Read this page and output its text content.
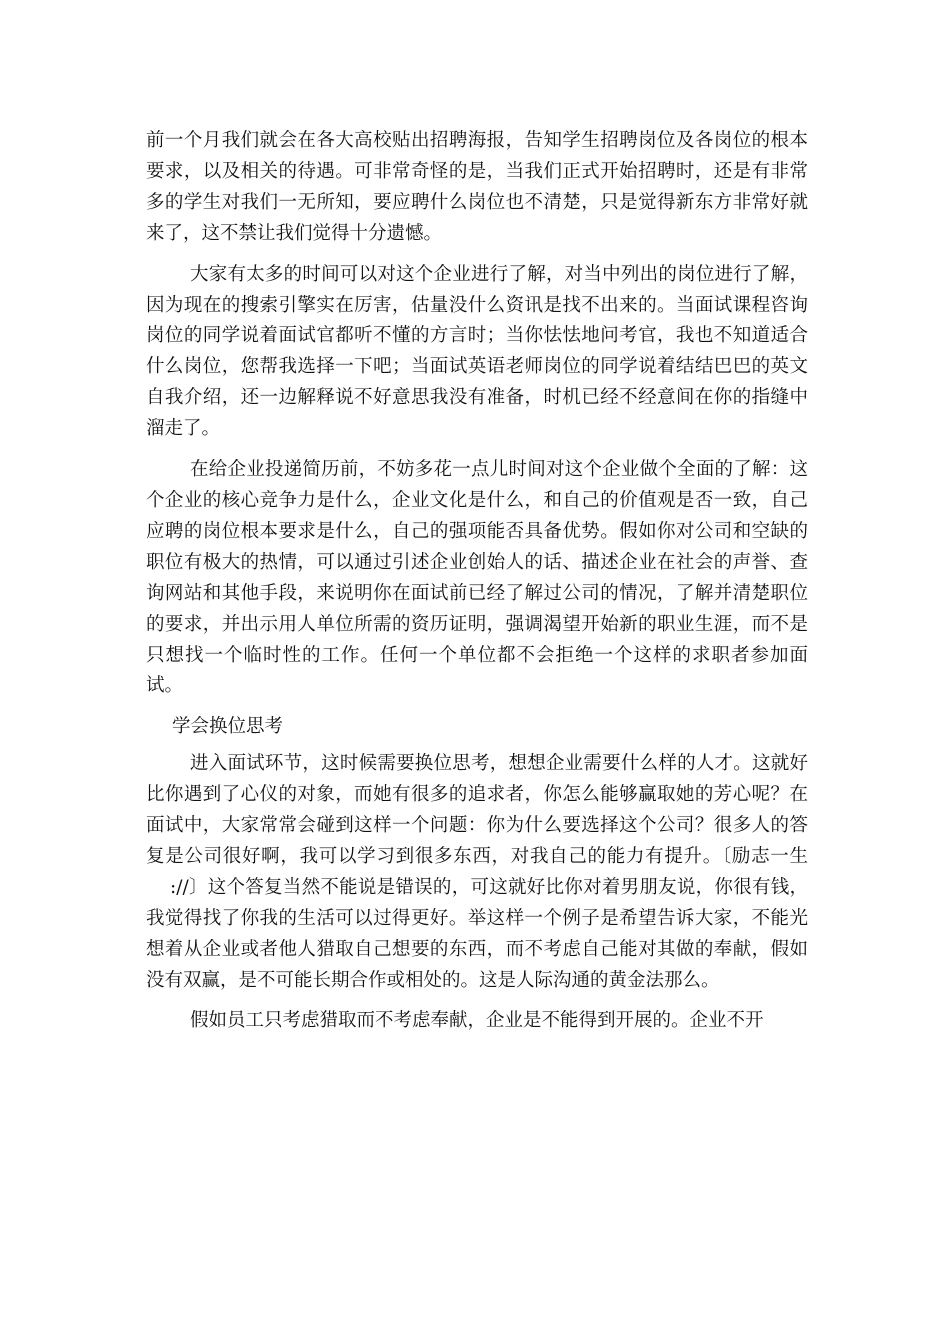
前一个月我们就会在各大高校贴出招聘海报，告知学生招聘岗位及各岗位的根本要求，以及相关的待遇。可非常奇怪的是，当我们正式开始招聘时，还是有非常多的学生对我们一无所知，要应聘什么岗位也不清楚，只是觉得新东方非常好就来了，这不禁让我们觉得十分遗憾。

大家有太多的时间可以对这个企业进行了解，对当中列出的岗位进行了解，因为现在的搜索引擎实在厉害，估量没什么资讯是找不出来的。当面试课程咨询岗位的同学说着面试官都听不懂的方言时；当你怯怯地问考官，我也不知道适合什么岗位，您帮我选择一下吧；当面试英语老师岗位的同学说着结结巴巴的英文自我介绍，还一边解释说不好意思我没有准备，时机已经不经意间在你的指缝中溜走了。

在给企业投递简历前，不妨多花一点儿时间对这个企业做个全面的了解：这个企业的核心竞争力是什么，企业文化是什么，和自己的价值观是否一致，自己应聘的岗位根本要求是什么，自己的强项能否具备优势。假如你对公司和空缺的职位有极大的热情，可以通过引述企业创始人的话、描述企业在社会的声誉、查询网站和其他手段，来说明你在面试前已经了解过公司的情况，了解并清楚职位的要求，并出示用人单位所需的资历证明，强调渴望开始新的职业生涯，而不是只想找一个临时性的工作。任何一个单位都不会拒绝一个这样的求职者参加面试。

学会换位思考

进入面试环节，这时候需要换位思考，想想企业需要什么样的人才。这就好比你遇到了心仪的对象，而她有很多的追求者，你怎么能够赢取她的芳心呢？在面试中，大家常常会碰到这样一个问题：你为什么要选择这个公司？很多人的答复是公司很好啊，我可以学习到很多东西，对我自己的能力有提升。〔励志一生://〕这个答复当然不能说是错误的，可这就好比你对着男朋友说，你很有钱，我觉得找了你我的生活可以过得更好。举这样一个例子是希望告诉大家，不能光想着从企业或者他人猎取自己想要的东西，而不考虑自己能对其做的奉献，假如没有双赢，是不可能长期合作或相处的。这是人际沟通的黄金法那么。

假如员工只考虑猎取而不考虑奉献，企业是不能得到开展的。企业不开
